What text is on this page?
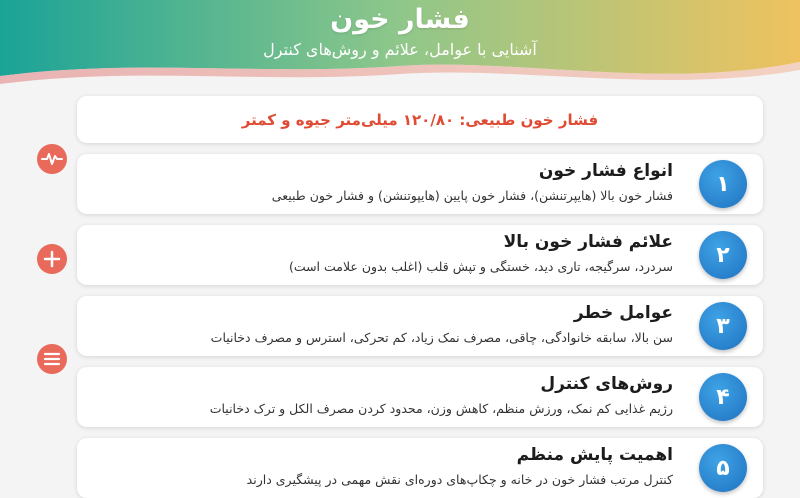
فشار خون
آشنایی با عوامل، علائم و روش‌های کنترل
فشار خون طبیعی: ۱۲۰/۸۰ میلی‌متر جیوه و کمتر
۱
انواع فشار خون
فشار خون بالا (هایپرتنشن)، فشار خون پایین (هایپوتنشن) و فشار خون طبیعی
۲
علائم فشار خون بالا
سردرد، سرگیجه، تاری دید، خستگی و تپش قلب (اغلب بدون علامت است)
۳
عوامل خطر
سن بالا، سابقه خانوادگی، چاقی، مصرف نمک زیاد، کم تحرکی، استرس و مصرف دخانیات
۴
روش‌های کنترل
رژیم غذایی کم نمک، ورزش منظم، کاهش وزن، محدود کردن مصرف الکل و ترک دخانیات
۵
اهمیت پایش منظم
کنترل مرتب فشار خون در خانه و چکاپ‌های دوره‌ای نقش مهمی در پیشگیری دارند
